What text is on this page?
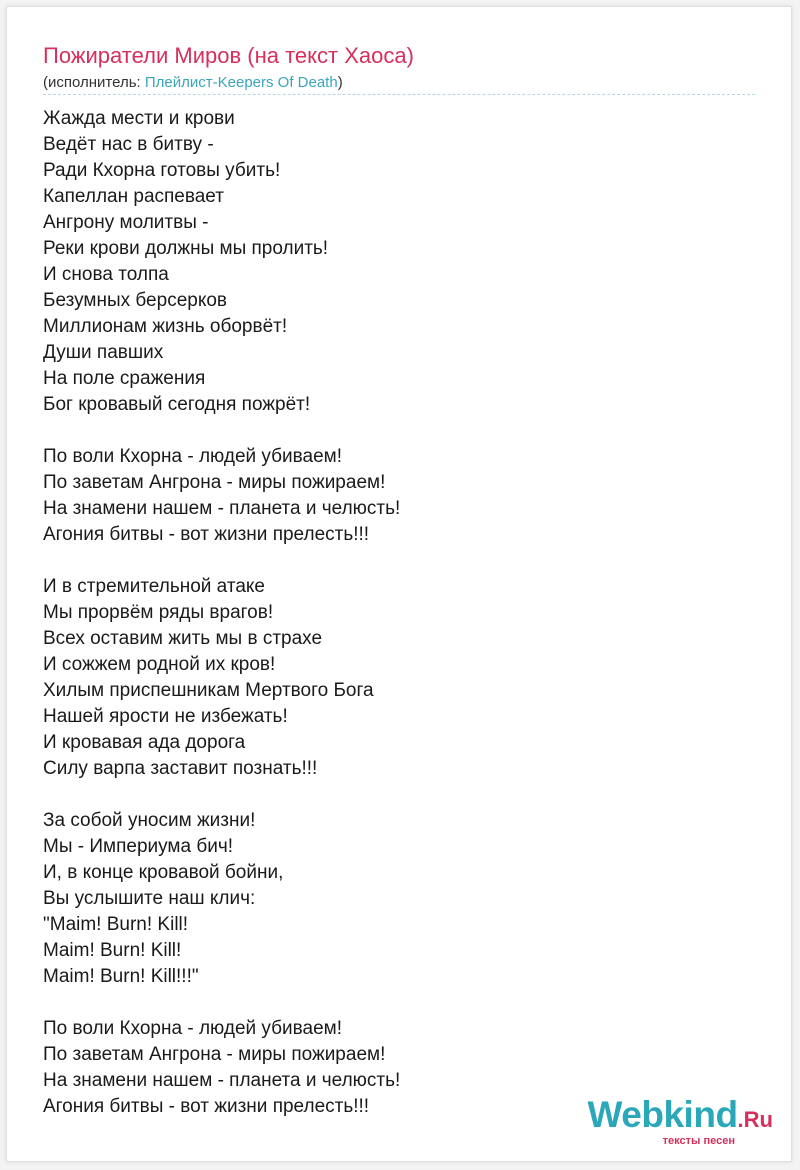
Пожиратели Миров (на текст Хаоса)
(исполнитель: Плейлист-Keepers Of Death)
Жажда мести и крови
Ведёт нас в битву -
Ради Кхорна готовы убить!
Капеллан распевает
Ангрону молитвы -
Реки крови должны мы пролить!
И снова толпа
Безумных берсерков
Миллионам жизнь оборвёт!
Души павших
На поле сражения
Бог кровавый сегодня пожрёт!
По воли Кхорна - людей убиваем!
По заветам Ангрона - миры пожираем!
На знамени нашем - планета и челюсть!
Агония битвы - вот жизни прелесть!!!
И в стремительной атаке
Мы прорвём ряды врагов!
Всех оставим жить мы в страхе
И сожжем родной их кров!
Хилым приспешникам Мертвого Бога
Нашей ярости не избежать!
И кровавая ада дорога
Силу варпа заставит познать!!!
За собой уносим жизни!
Мы - Империума бич!
И, в конце кровавой бойни,
Вы услышите наш клич:
"Maim! Burn! Kill!
Maim! Burn! Kill!
Maim! Burn! Kill!!!"
По воли Кхорна - людей убиваем!
По заветам Ангрона - миры пожираем!
На знамени нашем - планета и челюсть!
Агония битвы - вот жизни прелесть!!!	Webkind.Ru
тексты песен
